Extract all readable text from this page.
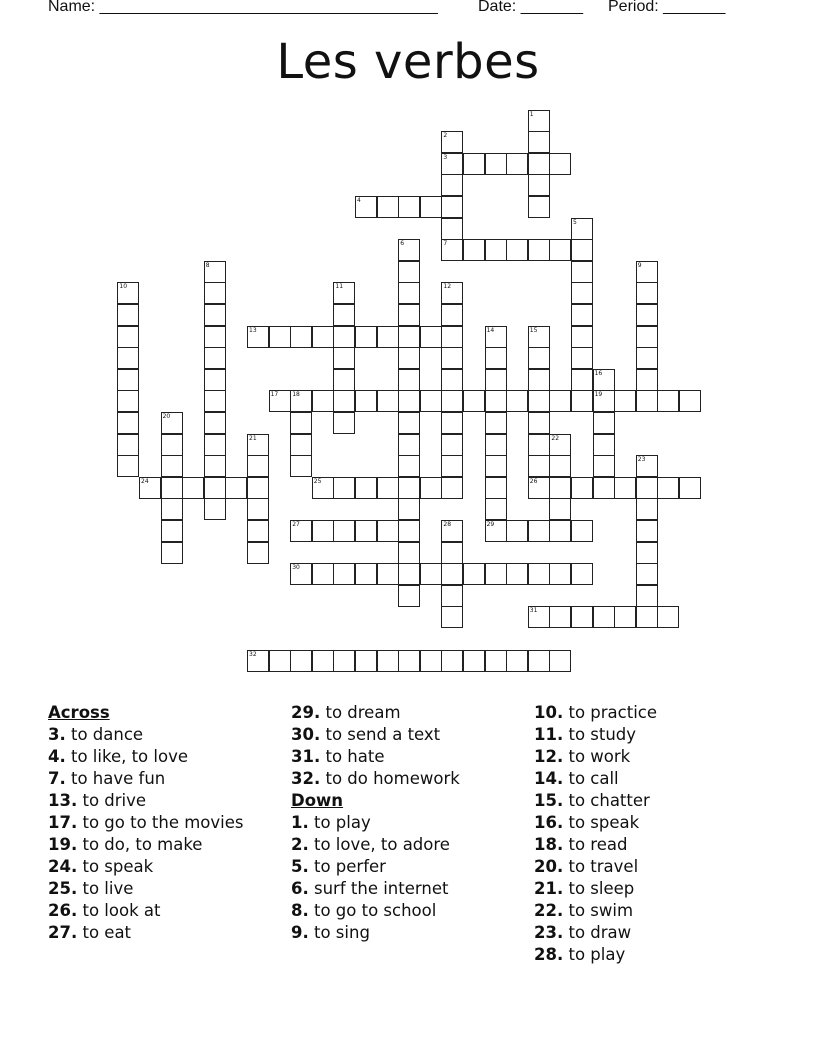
Name: ______________________________________	Date: _______ Period: _______
Les verbes
3
4
7
13
17 18	19
24	25	26
27	29
30
31
32
1
2
5
6
8	9
10	11	12
14	15
16
20
21	22
23
28
Across
3. to dance
4. to like, to love
7. to have fun
13. to drive
17. to go to the movies
19. to do, to make
24. to speak
25. to live
26. to look at
27. to eat
29. to dream
30. to send a text
31. to hate
32. to do homework
Down
1. to play
2. to love, to adore
5. to perfer
6. surf the internet
8. to go to school
9. to sing
10. to practice
11. to study
12. to work
14. to call
15. to chatter
16. to speak
18. to read
20. to travel
21. to sleep
22. to swim
23. to draw
28. to play
